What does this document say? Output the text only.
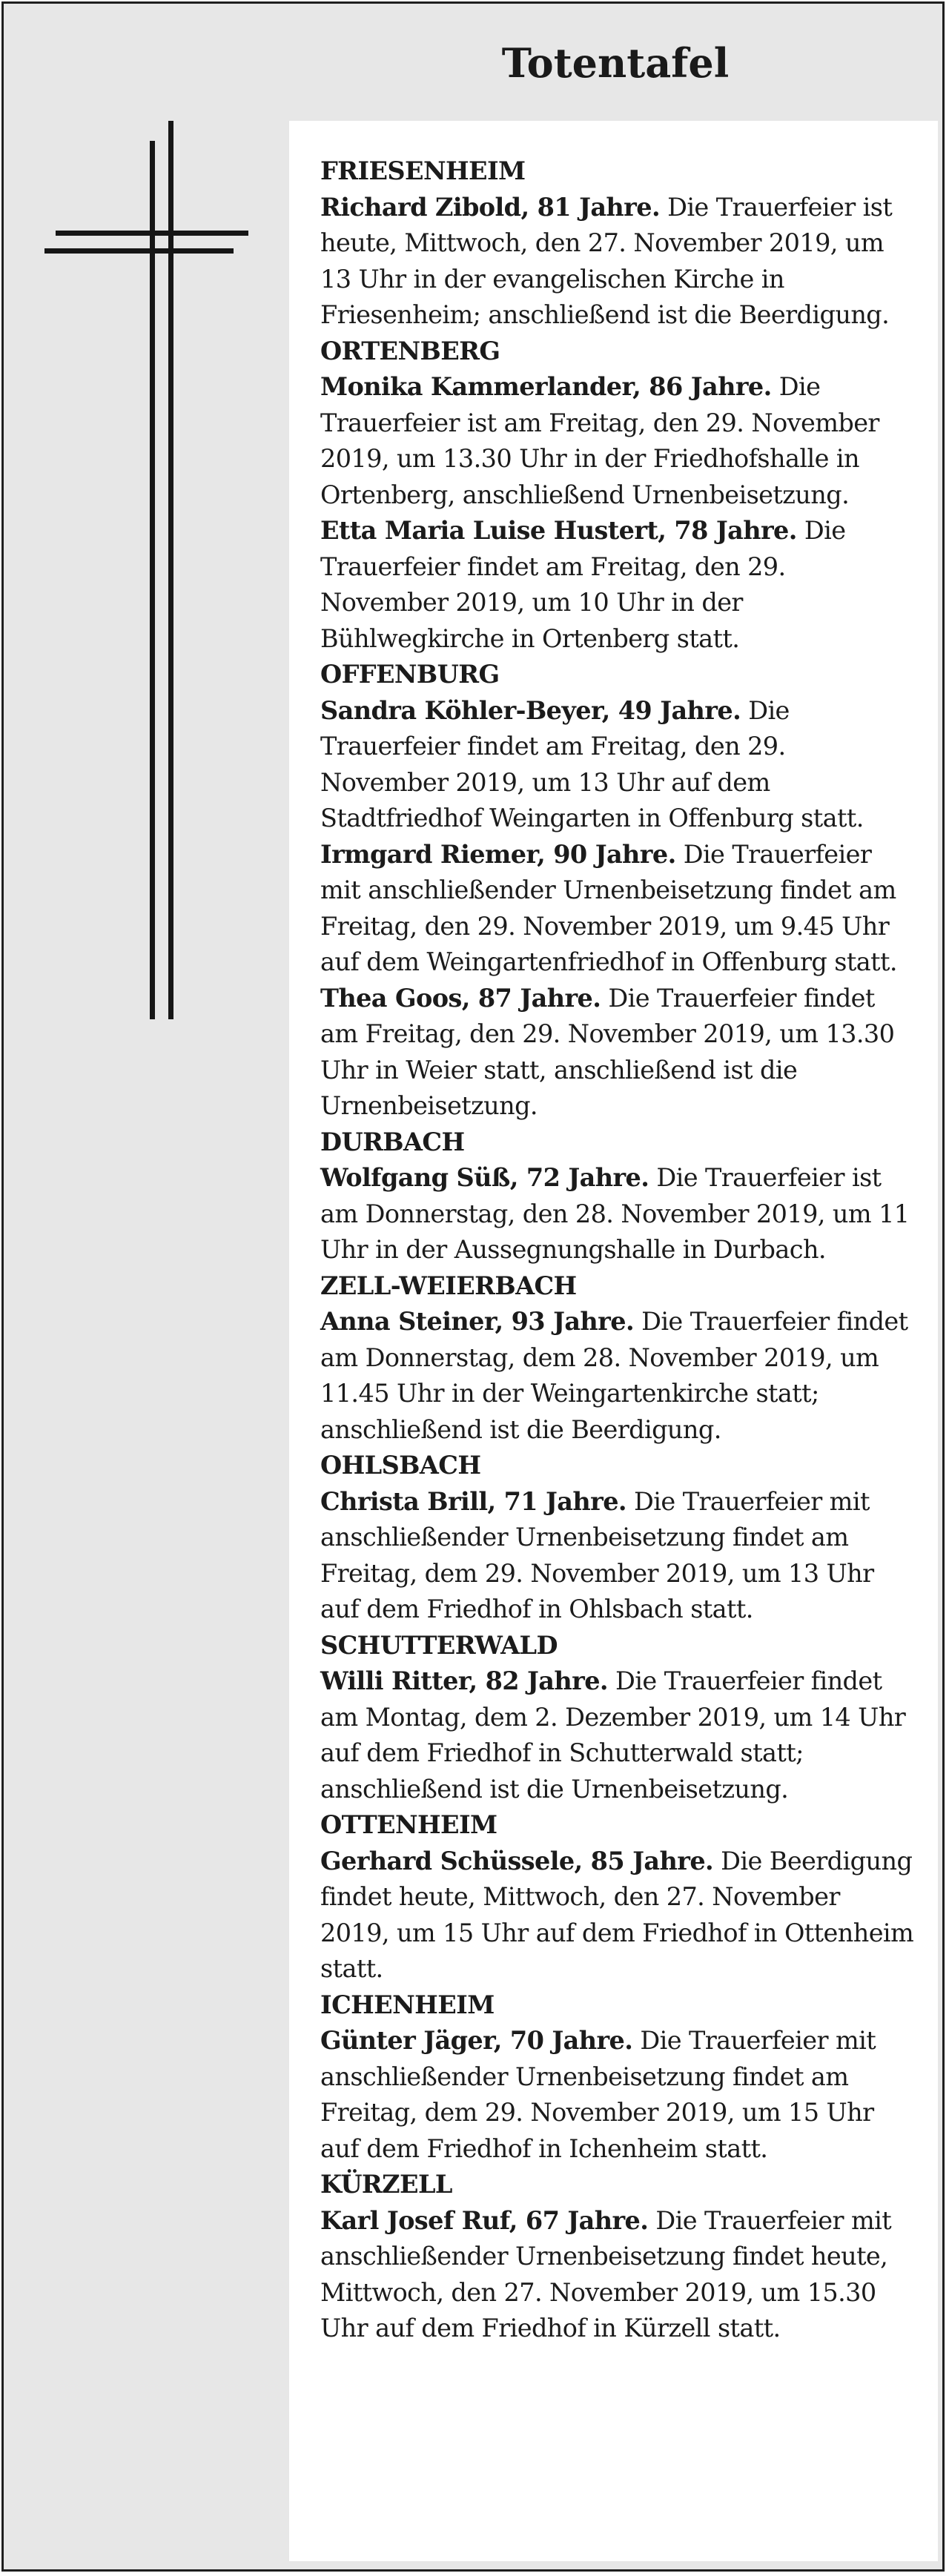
Totentafel
FRIESENHEIM
Richard Zibold, 81 Jahre. Die Trauerfeier ist heute, Mittwoch, den 27. November 2019, um 13 Uhr in der evangelischen Kirche in Friesenheim; anschließend ist die Beerdigung.
ORTENBERG
Monika Kammerlander, 86 Jahre. Die Trauerfeier ist am Freitag, den 29. November 2019, um 13.30 Uhr in der Friedhofshalle in Ortenberg, anschließend Urnenbeisetzung.
Etta Maria Luise Hustert, 78 Jahre. Die Trauerfeier findet am Freitag, den 29. November 2019, um 10 Uhr in der Bühlwegkirche in Ortenberg statt.
OFFENBURG
Sandra Köhler-Beyer, 49 Jahre. Die Trauerfeier findet am Freitag, den 29. November 2019, um 13 Uhr auf dem Stadtfriedhof Weingarten in Offenburg statt.
Irmgard Riemer, 90 Jahre. Die Trauerfeier mit anschließender Urnenbeisetzung findet am Freitag, den 29. November 2019, um 9.45 Uhr auf dem Weingartenfriedhof in Offenburg statt.
Thea Goos, 87 Jahre. Die Trauerfeier findet am Freitag, den 29. November 2019, um 13.30 Uhr in Weier statt, anschließend ist die Urnenbeisetzung.
DURBACH
Wolfgang Süß, 72 Jahre. Die Trauerfeier ist am Donnerstag, den 28. November 2019, um 11 Uhr in der Aussegnungshalle in Durbach.
ZELL-WEIERBACH
Anna Steiner, 93 Jahre. Die Trauerfeier findet am Donnerstag, dem 28. November 2019, um 11.45 Uhr in der Weingartenkirche statt; anschließend ist die Beerdigung.
OHLSBACH
Christa Brill, 71 Jahre. Die Trauerfeier mit anschließender Urnenbeisetzung findet am Freitag, dem 29. November 2019, um 13 Uhr auf dem Friedhof in Ohlsbach statt.
SCHUTTERWALD
Willi Ritter, 82 Jahre. Die Trauerfeier findet am Montag, dem 2. Dezember 2019, um 14 Uhr auf dem Friedhof in Schutterwald statt; anschließend ist die Urnenbeisetzung.
OTTENHEIM
Gerhard Schüssele, 85 Jahre. Die Beerdigung findet heute, Mittwoch, den 27. November 2019, um 15 Uhr auf dem Friedhof in Ottenheim statt.
ICHENHEIM
Günter Jäger, 70 Jahre. Die Trauerfeier mit anschließender Urnenbeisetzung findet am Freitag, dem 29. November 2019, um 15 Uhr auf dem Friedhof in Ichenheim statt.
KÜRZELL
Karl Josef Ruf, 67 Jahre. Die Trauerfeier mit anschließender Urnenbeisetzung findet heute, Mittwoch, den 27. November 2019, um 15.30 Uhr auf dem Friedhof in Kürzell statt.
